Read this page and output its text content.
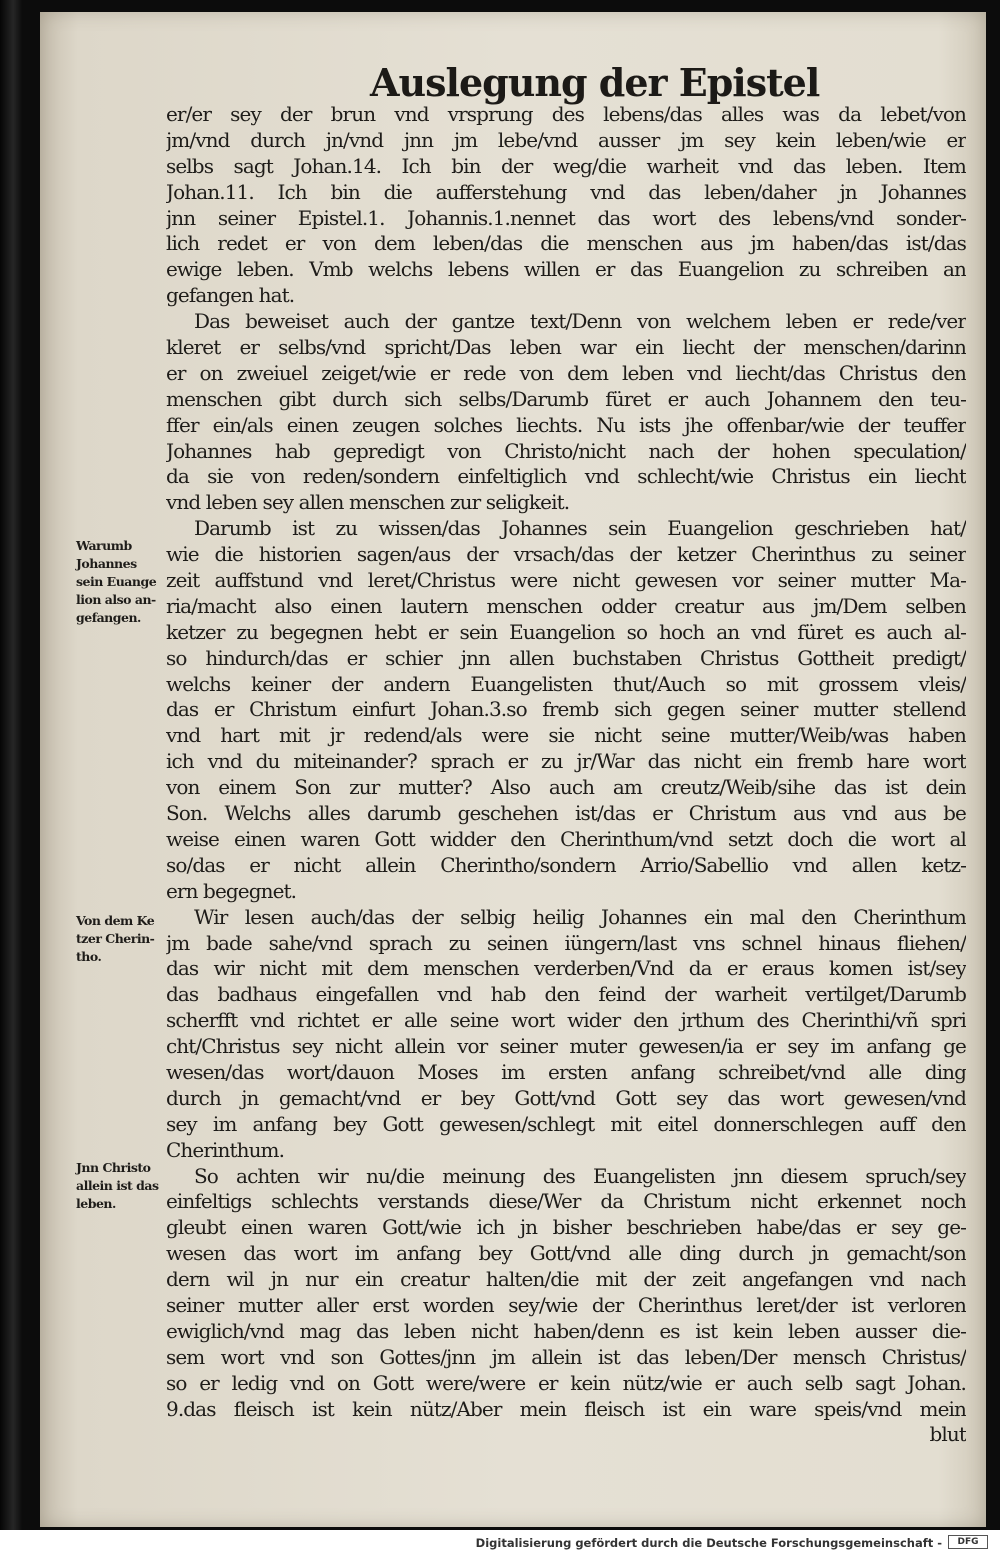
Auslegung der Epistel
er/er sey der brun vnd vrsprung des lebens/das alles was da lebet/von
jm/vnd durch jn/vnd jnn jm lebe/vnd ausser jm sey kein leben/wie er
selbs sagt Johan.14. Ich bin der weg/die warheit vnd das leben. Item
Johan.11. Ich bin die aufferstehung vnd das leben/daher jn Johannes
jnn seiner Epistel.1. Johannis.1.nennet das wort des lebens/vnd sonder-
lich redet er von dem leben/das die menschen aus jm haben/das ist/das
ewige leben. Vmb welchs lebens willen er das Euangelion zu schreiben an
gefangen hat.
Das beweiset auch der gantze text/Denn von welchem leben er rede/ver
kleret er selbs/vnd spricht/Das leben war ein liecht der menschen/darinn
er on zweiuel zeiget/wie er rede von dem leben vnd liecht/das Christus den
menschen gibt durch sich selbs/Darumb füret er auch Johannem den teu-
ffer ein/als einen zeugen solches liechts. Nu ists jhe offenbar/wie der teuffer
Johannes hab gepredigt von Christo/nicht nach der hohen speculation/
da sie von reden/sondern einfeltiglich vnd schlecht/wie Christus ein liecht
vnd leben sey allen menschen zur seligkeit.
Darumb ist zu wissen/das Johannes sein Euangelion geschrieben hat/
wie die historien sagen/aus der vrsach/das der ketzer Cherinthus zu seiner
zeit auffstund vnd leret/Christus were nicht gewesen vor seiner mutter Ma-
ria/macht also einen lautern menschen odder creatur aus jm/Dem selben
ketzer zu begegnen hebt er sein Euangelion so hoch an vnd füret es auch al-
so hindurch/das er schier jnn allen buchstaben Christus Gottheit predigt/
welchs keiner der andern Euangelisten thut/Auch so mit grossem vleis/
das er Christum einfurt Johan.3.so fremb sich gegen seiner mutter stellend
vnd hart mit jr redend/als were sie nicht seine mutter/Weib/was haben
ich vnd du miteinander? sprach er zu jr/War das nicht ein fremb hare wort
von einem Son zur mutter? Also auch am creutz/Weib/sihe das ist dein
Son. Welchs alles darumb geschehen ist/das er Christum aus vnd aus be
weise einen waren Gott widder den Cherinthum/vnd setzt doch die wort al
so/das er nicht allein Cherintho/sondern Arrio/Sabellio vnd allen ketz-
ern begegnet.
Wir lesen auch/das der selbig heilig Johannes ein mal den Cherinthum
jm bade sahe/vnd sprach zu seinen iüngern/last vns schnel hinaus fliehen/
das wir nicht mit dem menschen verderben/Vnd da er eraus komen ist/sey
das badhaus eingefallen vnd hab den feind der warheit vertilget/Darumb
scherfft vnd richtet er alle seine wort wider den jrthum des Cherinthi/vñ spri
cht/Christus sey nicht allein vor seiner muter gewesen/ia er sey im anfang ge
wesen/das wort/dauon Moses im ersten anfang schreibet/vnd alle ding
durch jn gemacht/vnd er bey Gott/vnd Gott sey das wort gewesen/vnd
sey im anfang bey Gott gewesen/schlegt mit eitel donnerschlegen auff den
Cherinthum.
So achten wir nu/die meinung des Euangelisten jnn diesem spruch/sey
einfeltigs schlechts verstands diese/Wer da Christum nicht erkennet noch
gleubt einen waren Gott/wie ich jn bisher beschrieben habe/das er sey ge-
wesen das wort im anfang bey Gott/vnd alle ding durch jn gemacht/son
dern wil jn nur ein creatur halten/die mit der zeit angefangen vnd nach
seiner mutter aller erst worden sey/wie der Cherinthus leret/der ist verloren
ewiglich/vnd mag das leben nicht haben/denn es ist kein leben ausser die-
sem wort vnd son Gottes/jnn jm allein ist das leben/Der mensch Christus/
so er ledig vnd on Gott were/were er kein nütz/wie er auch selb sagt Johan.
9.das fleisch ist kein nütz/Aber mein fleisch ist ein ware speis/vnd mein
blut
Warumb
Johannes
sein Euange
lion also an-
gefangen.
Von dem Ke
tzer Cherin-
tho.
Jnn Christo
allein ist das
leben.
Digitalisierung gefördert durch die Deutsche Forschungsgemeinschaft -	DFG
